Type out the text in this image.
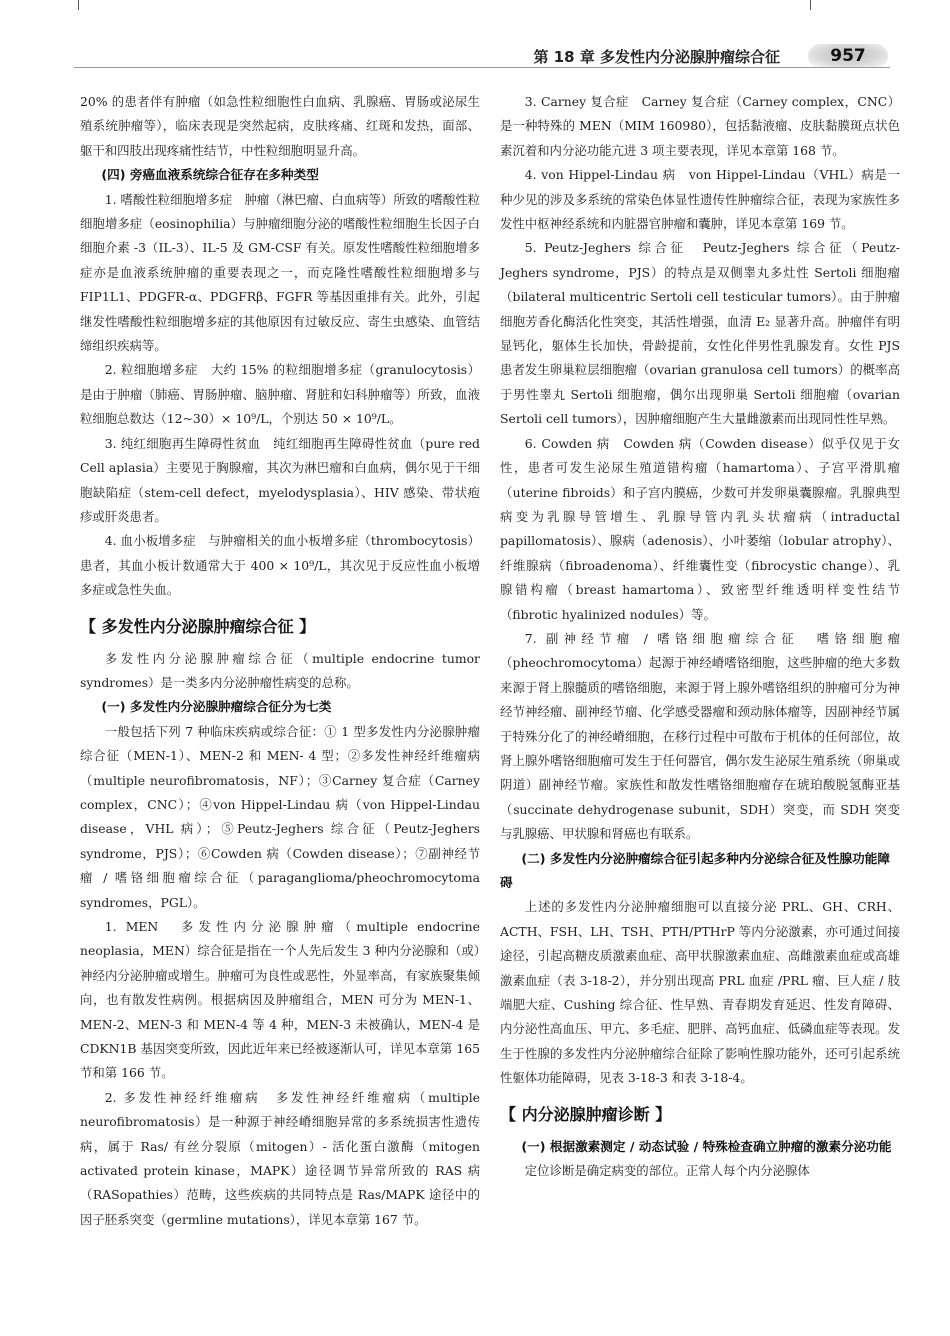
第 18 章 多发性内分泌腺肿瘤综合征	957

20% 的患者伴有肿瘤（如急性粒细胞性白血病、乳腺癌、胃肠或泌尿生殖系统肿瘤等），临床表现是突然起病，皮肤疼痛、红斑和发热，面部、躯干和四肢出现疼痛性结节，中性粒细胞明显升高。

(四) 旁癌血液系统综合征存在多种类型

1. 嗜酸性粒细胞增多症　肿瘤（淋巴瘤、白血病等）所致的嗜酸性粒细胞增多症（eosinophilia）与肿瘤细胞分泌的嗜酸性粒细胞生长因子白细胞介素 -3（IL-3）、IL-5 及 GM-CSF 有关。原发性嗜酸性粒细胞增多症亦是血液系统肿瘤的重要表现之一，而克隆性嗜酸性粒细胞增多与 FIP1L1、PDGFR-α、PDGFRβ、FGFR 等基因重排有关。此外，引起继发性嗜酸性粒细胞增多症的其他原因有过敏反应、寄生虫感染、血管结缔组织疾病等。

2. 粒细胞增多症　大约 15% 的粒细胞增多症（granulocytosis）是由于肿瘤（肺癌、胃肠肿瘤、脑肿瘤、肾脏和妇科肿瘤等）所致，血液粒细胞总数达（12~30）× 10⁹/L，个别达 50 × 10⁹/L。

3. 纯红细胞再生障碍性贫血　纯红细胞再生障碍性贫血（pure red Cell aplasia）主要见于胸腺瘤，其次为淋巴瘤和白血病，偶尔见于干细胞缺陷症（stem-cell defect，myelodysplasia）、HIV 感染、带状疱疹或肝炎患者。

4. 血小板增多症　与肿瘤相关的血小板增多症（thrombocytosis）患者，其血小板计数通常大于 400 × 10⁹/L，其次见于反应性血小板增多症或急性失血。

【 多发性内分泌腺肿瘤综合征 】

多发性内分泌腺肿瘤综合征（multiple endocrine tumor syndromes）是一类多内分泌肿瘤性病变的总称。

(一) 多发性内分泌腺肿瘤综合征分为七类

一般包括下列 7 种临床疾病或综合征：① 1 型多发性内分泌腺肿瘤综合征（MEN-1）、MEN-2 和 MEN- 4 型；②多发性神经纤维瘤病（multiple neurofibromatosis，NF）；③Carney 复合症（Carney complex，CNC）；④von Hippel-Lindau 病（von Hippel-Lindau disease，VHL 病）；⑤Peutz-Jeghers 综合征（Peutz-Jeghers syndrome，PJS）；⑥Cowden 病（Cowden disease）；⑦副神经节瘤 / 嗜铬细胞瘤综合征（paraganglioma/pheochromocytoma syndromes，PGL）。

1. MEN　多发性内分泌腺肿瘤（multiple endocrine neoplasia，MEN）综合征是指在一个人先后发生 3 种内分泌腺和（或）神经内分泌肿瘤或增生。肿瘤可为良性或恶性，外显率高，有家族聚集倾向，也有散发性病例。根据病因及肿瘤组合，MEN 可分为 MEN-1、MEN-2、MEN-3 和 MEN-4 等 4 种，MEN-3 未被确认，MEN-4 是 CDKN1B 基因突变所致，因此近年来已经被逐渐认可，详见本章第 165 节和第 166 节。

2. 多发性神经纤维瘤病　多发性神经纤维瘤病（multiple neurofibromatosis）是一种源于神经嵴细胞异常的多系统损害性遗传病，属于 Ras/ 有丝分裂原（mitogen）- 活化蛋白激酶（mitogen activated protein kinase，MAPK）途径调节异常所致的 RAS 病（RASopathies）范畴，这些疾病的共同特点是 Ras/MAPK 途径中的因子胚系突变（germline mutations），详见本章第 167 节。

3. Carney 复合症　Carney 复合症（Carney complex，CNC）是一种特殊的 MEN（MIM 160980），包括黏液瘤、皮肤黏膜斑点状色素沉着和内分泌功能亢进 3 项主要表现，详见本章第 168 节。

4. von Hippel-Lindau 病　von Hippel-Lindau（VHL）病是一种少见的涉及多系统的常染色体显性遗传性肿瘤综合征，表现为家族性多发性中枢神经系统和内脏器官肿瘤和囊肿，详见本章第 169 节。

5. Peutz-Jeghers 综合征　Peutz-Jeghers 综合征（Peutz-Jeghers syndrome，PJS）的特点是双侧睾丸多灶性 Sertoli 细胞瘤（bilateral multicentric Sertoli cell testicular tumors）。由于肿瘤细胞芳香化酶活化性突变，其活性增强，血清 E₂ 显著升高。肿瘤伴有明显钙化，躯体生长加快，骨龄提前，女性化伴男性乳腺发育。女性 PJS 患者发生卵巢粒层细胞瘤（ovarian granulosa cell tumors）的概率高于男性睾丸 Sertoli 细胞瘤，偶尔出现卵巢 Sertoli 细胞瘤（ovarian Sertoli cell tumors），因肿瘤细胞产生大量雌激素而出现同性性早熟。

6. Cowden 病　Cowden 病（Cowden disease）似乎仅见于女性，患者可发生泌尿生殖道错构瘤（hamartoma）、子宫平滑肌瘤（uterine fibroids）和子宫内膜癌，少数可并发卵巢囊腺瘤。乳腺典型病变为乳腺导管增生、乳腺导管内乳头状瘤病（intraductal papillomatosis）、腺病（adenosis）、小叶萎缩（lobular atrophy）、纤维腺病（fibroadenoma）、纤维囊性变（fibrocystic change）、乳腺错构瘤（breast hamartoma）、致密型纤维透明样变性结节（fibrotic hyalinized nodules）等。

7. 副神经节瘤 / 嗜铬细胞瘤综合征　嗜铬细胞瘤（pheochromocytoma）起源于神经嵴嗜铬细胞，这些肿瘤的绝大多数来源于肾上腺髓质的嗜铬细胞，来源于肾上腺外嗜铬组织的肿瘤可分为神经节神经瘤、副神经节瘤、化学感受器瘤和颈动脉体瘤等，因副神经节属于特殊分化了的神经嵴细胞，在移行过程中可散布于机体的任何部位，故肾上腺外嗜铬细胞瘤可发生于任何器官，偶尔发生泌尿生殖系统（卵巢或阴道）副神经节瘤。家族性和散发性嗜铬细胞瘤存在琥珀酸脱氢酶亚基（succinate dehydrogenase subunit，SDH）突变，而 SDH 突变与乳腺癌、甲状腺和肾癌也有联系。

(二) 多发性内分泌肿瘤综合征引起多种内分泌综合征及性腺功能障碍

上述的多发性内分泌肿瘤细胞可以直接分泌 PRL、GH、CRH、ACTH、FSH、LH、TSH、PTH/PTHrP 等内分泌激素，亦可通过间接途径，引起高糖皮质激素血症、高甲状腺激素血症、高雌激素血症或高雄激素血症（表 3-18-2），并分别出现高 PRL 血症 /PRL 瘤、巨人症 / 肢端肥大症、Cushing 综合征、性早熟、青春期发育延迟、性发育障碍、内分泌性高血压、甲亢、多毛症、肥胖、高钙血症、低磷血症等表现。发生于性腺的多发性内分泌肿瘤综合征除了影响性腺功能外，还可引起系统性躯体功能障碍，见表 3-18-3 和表 3-18-4。

【 内分泌腺肿瘤诊断 】

(一) 根据激素测定 / 动态试验 / 特殊检查确立肿瘤的激素分泌功能

定位诊断是确定病变的部位。正常人每个内分泌腺体
